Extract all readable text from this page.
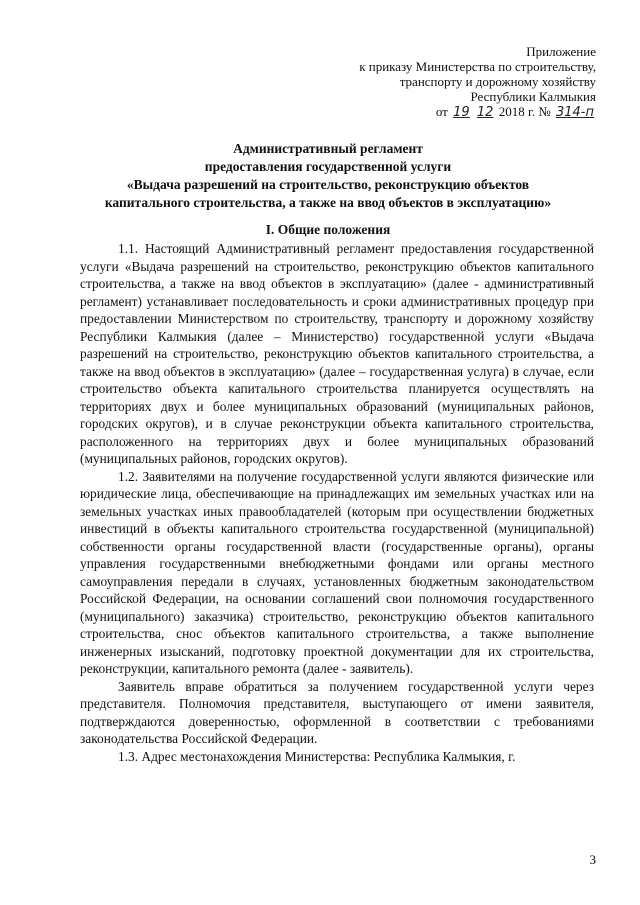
Приложение
к приказу Министерства по строительству,
транспорту и дорожному хозяйству
Республики Калмыкия
от 19 12 2018 г. № 314-п
Административный регламент
предоставления государственной услуги
«Выдача разрешений на строительство, реконструкцию объектов
капитального строительства, а также на ввод объектов в эксплуатацию»
I. Общие положения

1.1. Настоящий Административный регламент предоставления государственной услуги «Выдача разрешений на строительство, реконструкцию объектов капитального строительства, а также на ввод объектов в эксплуатацию» (далее - административный регламент) устанавливает последовательность и сроки административных процедур при предоставлении Министерством по строительству, транспорту и дорожному хозяйству Республики Калмыкия (далее – Министерство) государственной услуги «Выдача разрешений на строительство, реконструкцию объектов капитального строительства, а также на ввод объектов в эксплуатацию» (далее – государственная услуга) в случае, если строительство объекта капитального строительства планируется осуществлять на территориях двух и более муниципальных образований (муниципальных районов, городских округов), и в случае реконструкции объекта капитального строительства, расположенного на территориях двух и более муниципальных образований (муниципальных районов, городских округов).

1.2. Заявителями на получение государственной услуги являются физические или юридические лица, обеспечивающие на принадлежащих им земельных участках или на земельных участках иных правообладателей (которым при осуществлении бюджетных инвестиций в объекты капитального строительства государственной (муниципальной) собственности органы государственной власти (государственные органы), органы управления государственными внебюджетными фондами или органы местного самоуправления передали в случаях, установленных бюджетным законодательством Российской Федерации, на основании соглашений свои полномочия государственного (муниципального) заказчика) строительство, реконструкцию объектов капитального строительства, снос объектов капитального строительства, а также выполнение инженерных изысканий, подготовку проектной документации для их строительства, реконструкции, капитального ремонта (далее - заявитель).

Заявитель вправе обратиться за получением государственной услуги через представителя. Полномочия представителя, выступающего от имени заявителя, подтверждаются доверенностью, оформленной в соответствии с требованиями законодательства Российской Федерации.

1.3. Адрес местонахождения Министерства: Республика Калмыкия, г.

3
